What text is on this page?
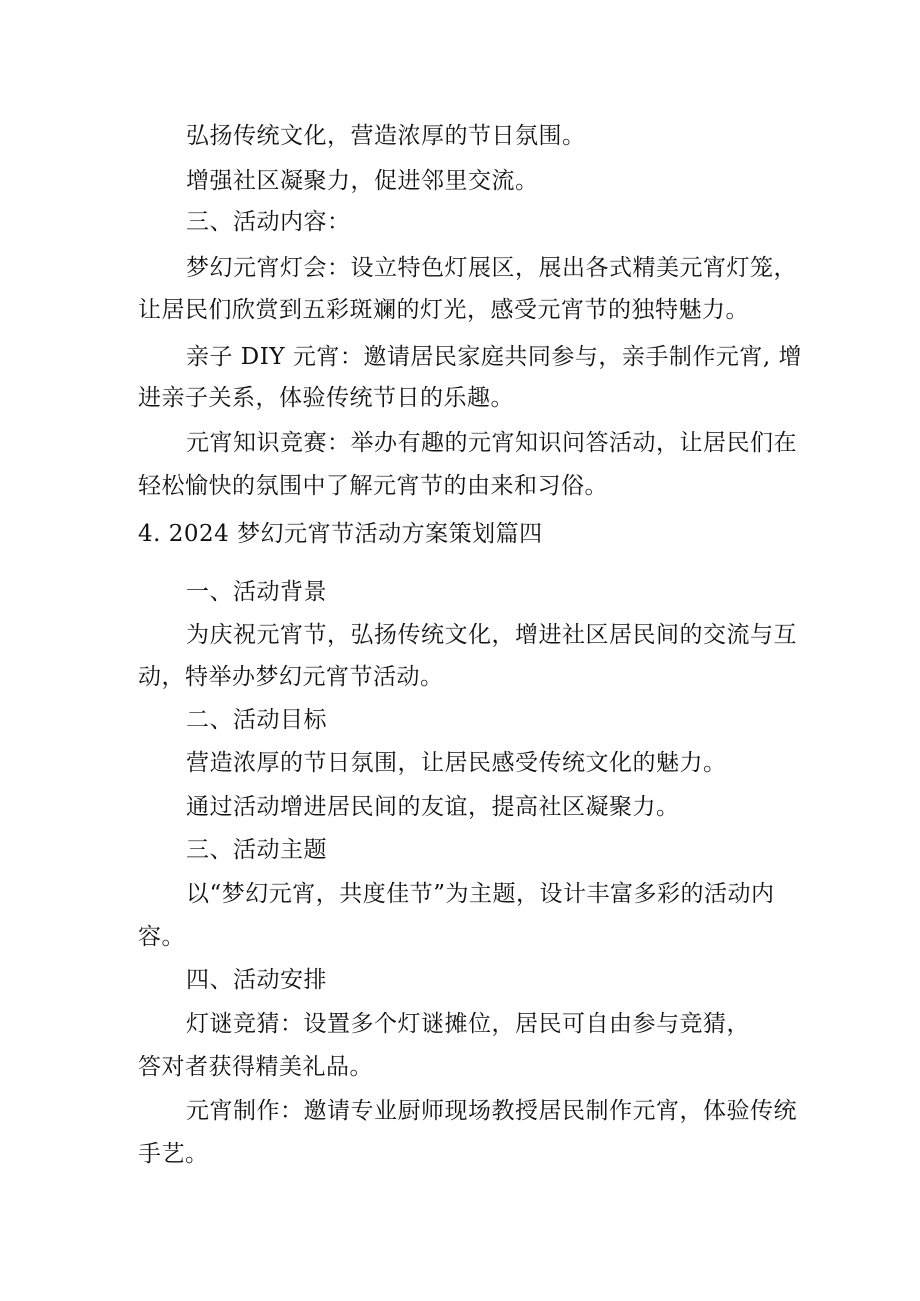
弘扬传统文化，营造浓厚的节日氛围。
增强社区凝聚力，促进邻里交流。
三、活动内容：
梦幻元宵灯会：设立特色灯展区，展出各式精美元宵灯笼，
让居民们欣赏到五彩斑斓的灯光，感受元宵节的独特魅力。
亲子 DIY 元宵：邀请居民家庭共同参与，亲手制作元宵, 增
进亲子关系，体验传统节日的乐趣。
元宵知识竞赛：举办有趣的元宵知识问答活动，让居民们在
轻松愉快的氛围中了解元宵节的由来和习俗。
4. 2024 梦幻元宵节活动方案策划篇四
一、活动背景
为庆祝元宵节，弘扬传统文化，增进社区居民间的交流与互
动，特举办梦幻元宵节活动。
二、活动目标
营造浓厚的节日氛围，让居民感受传统文化的魅力。
通过活动增进居民间的友谊，提高社区凝聚力。
三、活动主题
以“梦幻元宵，共度佳节”为主题，设计丰富多彩的活动内
容。
四、活动安排
灯谜竞猜：设置多个灯谜摊位，居民可自由参与竞猜，
答对者获得精美礼品。
元宵制作：邀请专业厨师现场教授居民制作元宵，体验传统
手艺。
